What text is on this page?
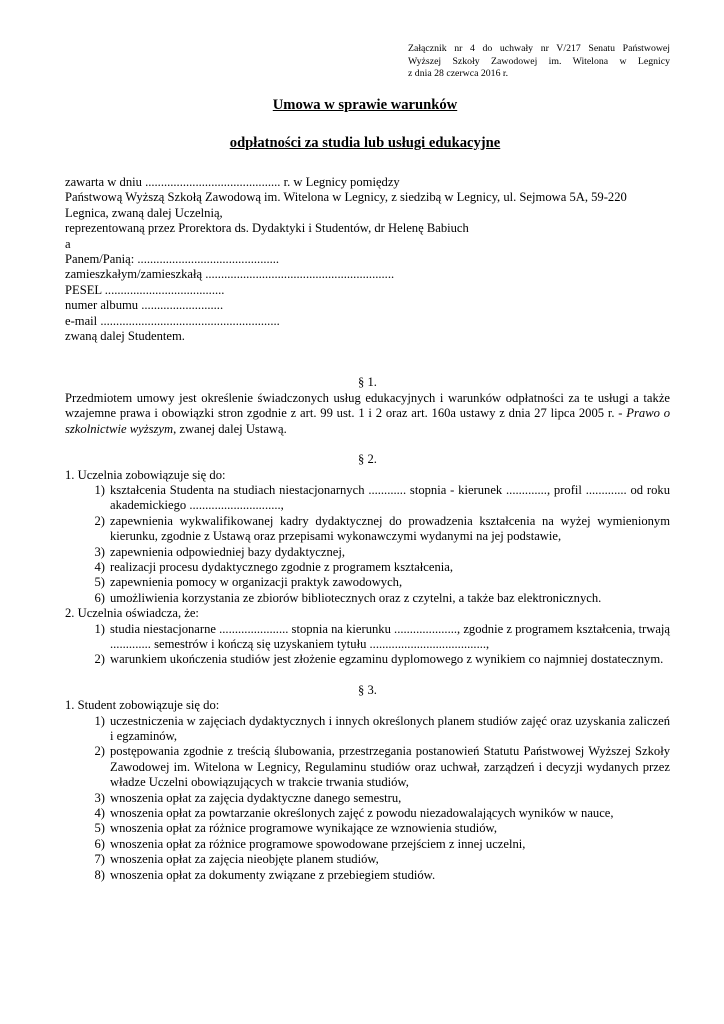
Załącznik nr 4 do uchwały nr V/217 Senatu Państwowej
Wyższej Szkoły Zawodowej im. Witelona w Legnicy
z dnia 28 czerwca 2016 r.
Umowa w sprawie warunków
odpłatności za studia lub usługi edukacyjne
zawarta w dniu ........................................... r. w Legnicy pomiędzy
Państwową Wyższą Szkołą Zawodową im. Witelona w Legnicy, z siedzibą w Legnicy, ul. Sejmowa 5A, 59-220
Legnica, zwaną dalej Uczelnią,
reprezentowaną przez Prorektora ds. Dydaktyki i Studentów, dr Helenę Babiuch
a
Panem/Panią: .............................................
zamieszkałym/zamieszkałą ............................................................
PESEL ......................................
numer albumu ..........................
e-mail .........................................................
zwaną dalej Studentem.
§ 1.
Przedmiotem umowy jest określenie świadczonych usług edukacyjnych i warunków odpłatności za te usługi a także wzajemne prawa i obowiązki stron zgodnie z art. 99 ust. 1 i 2 oraz art. 160a ustawy z dnia 27 lipca 2005 r. - Prawo o szkolnictwie wyższym, zwanej dalej Ustawą.
§ 2.
1. Uczelnia zobowiązuje się do:
1) kształcenia Studenta na studiach niestacjonarnych ............ stopnia - kierunek ............., profil ............. od roku akademickiego .............................,
2) zapewnienia wykwalifikowanej kadry dydaktycznej do prowadzenia kształcenia na wyżej wymienionym kierunku, zgodnie z Ustawą oraz przepisami wykonawczymi wydanymi na jej podstawie,
3) zapewnienia odpowiedniej bazy dydaktycznej,
4) realizacji procesu dydaktycznego zgodnie z programem kształcenia,
5) zapewnienia pomocy w organizacji praktyk zawodowych,
6) umożliwienia korzystania ze zbiorów bibliotecznych oraz z czytelni, a także baz elektronicznych.
2. Uczelnia oświadcza, że:
1) studia niestacjonarne ...................... stopnia na kierunku ...................., zgodnie z programem kształcenia, trwają ............. semestrów i kończą się uzyskaniem tytułu .....................................,
2) warunkiem ukończenia studiów jest złożenie egzaminu dyplomowego z wynikiem co najmniej dostatecznym.
§ 3.
1. Student zobowiązuje się do:
1) uczestniczenia w zajęciach dydaktycznych i innych określonych planem studiów zajęć oraz uzyskania zaliczeń i egzaminów,
2) postępowania zgodnie z treścią ślubowania, przestrzegania postanowień Statutu Państwowej Wyższej Szkoły Zawodowej im. Witelona w Legnicy, Regulaminu studiów oraz uchwał, zarządzeń i decyzji wydanych przez władze Uczelni obowiązujących w trakcie trwania studiów,
3) wnoszenia opłat za zajęcia dydaktyczne danego semestru,
4) wnoszenia opłat za powtarzanie określonych zajęć z powodu niezadowalających wyników w nauce,
5) wnoszenia opłat za różnice programowe wynikające ze wznowienia studiów,
6) wnoszenia opłat za różnice programowe spowodowane przejściem z innej uczelni,
7) wnoszenia opłat za zajęcia nieobjęte planem studiów,
8) wnoszenia opłat za dokumenty związane z przebiegiem studiów.
